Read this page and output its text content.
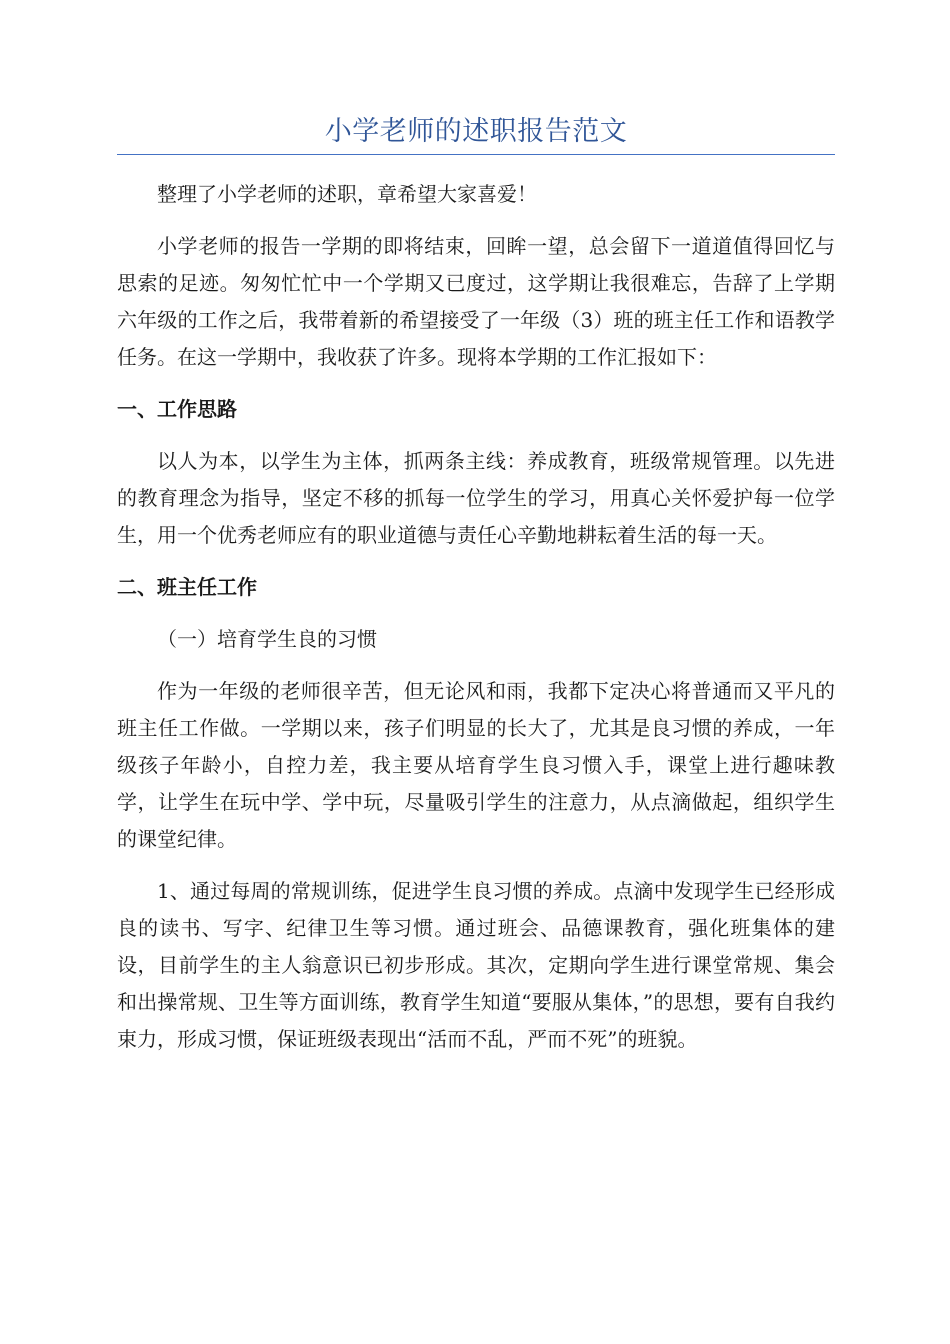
小学老师的述职报告范文

整理了小学老师的述职，章希望大家喜爱！

小学老师的报告一学期的即将结束，回眸一望，总会留下一道道值得回忆与思索的足迹。匆匆忙忙中一个学期又已度过，这学期让我很难忘，告辞了上学期六年级的工作之后，我带着新的希望接受了一年级（3）班的班主任工作和语教学任务。在这一学期中，我收获了许多。现将本学期的工作汇报如下：

一、工作思路

以人为本，以学生为主体，抓两条主线：养成教育，班级常规管理。以先进的教育理念为指导，坚定不移的抓每一位学生的学习，用真心关怀爱护每一位学生，用一个优秀老师应有的职业道德与责任心辛勤地耕耘着生活的每一天。

二、班主任工作

（一）培育学生良的习惯

作为一年级的老师很辛苦，但无论风和雨，我都下定决心将普通而又平凡的班主任工作做。一学期以来，孩子们明显的长大了，尤其是良习惯的养成，一年级孩子年龄小，自控力差，我主要从培育学生良习惯入手，课堂上进行趣味教学，让学生在玩中学、学中玩，尽量吸引学生的注意力，从点滴做起，组织学生的课堂纪律。

1、通过每周的常规训练，促进学生良习惯的养成。点滴中发现学生已经形成良的读书、写字、纪律卫生等习惯。通过班会、品德课教育，强化班集体的建设，目前学生的主人翁意识已初步形成。其次，定期向学生进行课堂常规、集会和出操常规、卫生等方面训练，教育学生知道“要服从集体，”的思想，要有自我约束力，形成习惯，保证班级表现出“活而不乱，严而不死”的班貌。
